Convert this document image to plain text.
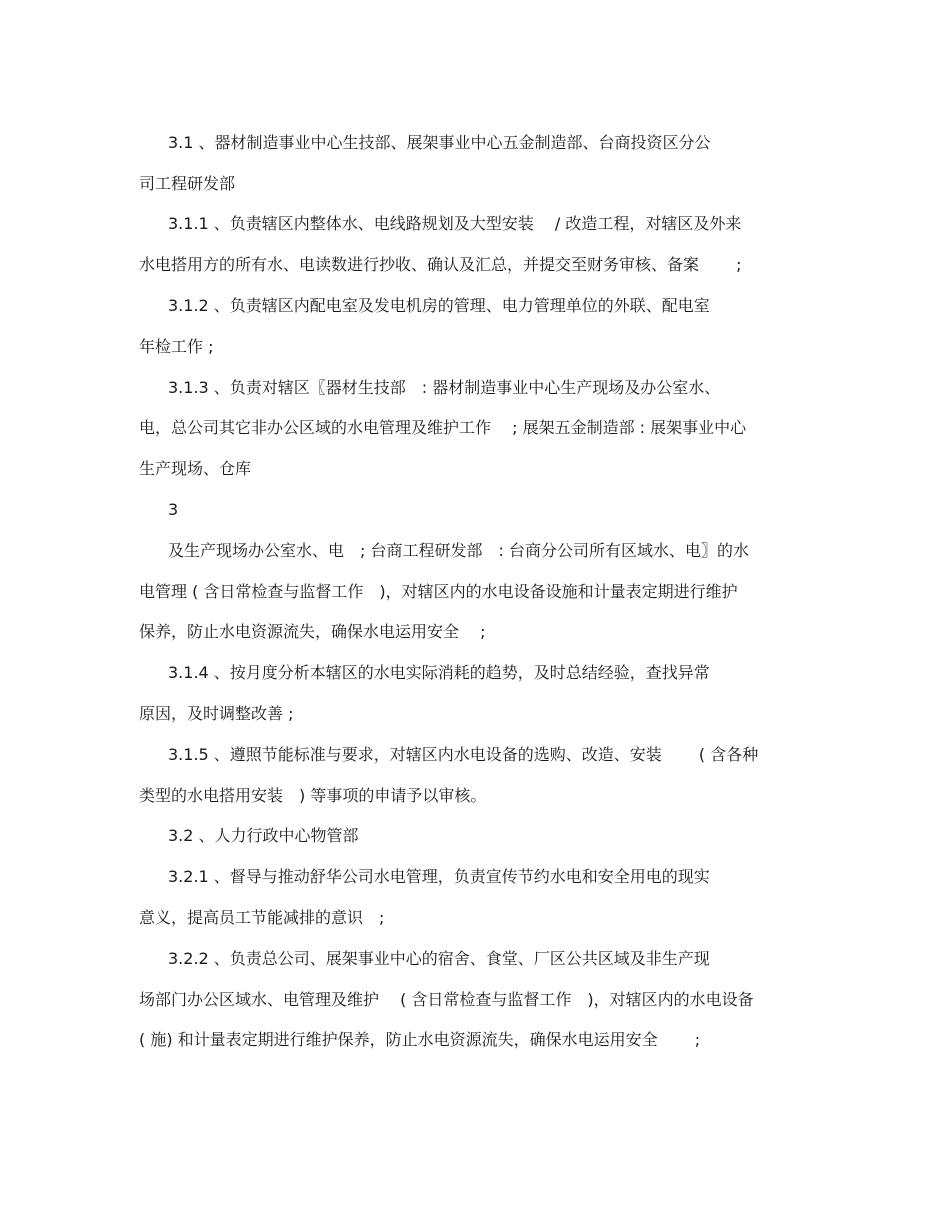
3.1 、器材制造事业中心生技部、展架事业中心五金制造部、台商投资区分公
司工程研发部
3.1.1 、负责辖区内整体水、电线路规划及大型安装　 / 改造工程，对辖区及外来
水电搭用方的所有水、电读数进行抄收、确认及汇总，并提交至财务审核、备案　　 ;
3.1.2 、负责辖区内配电室及发电机房的管理、电力管理单位的外联、配电室
年检工作 ;
3.1.3 、负责对辖区〖器材生技部　: 器材制造事业中心生产现场及办公室水、
电，总公司其它非办公区域的水电管理及维护工作　 ; 展架五金制造部 : 展架事业中心
生产现场、仓库
3
及生产现场办公室水、电　; 台商工程研发部　: 台商分公司所有区域水、电〗的水
电管理 ( 含日常检查与监督工作　)，对辖区内的水电设备设施和计量表定期进行维护
保养，防止水电资源流失，确保水电运用安全　 ;
3.1.4 、按月度分析本辖区的水电实际消耗的趋势，及时总结经验，查找异常
原因，及时调整改善 ;
3.1.5 、遵照节能标准与要求，对辖区内水电设备的选购、改造、安装　　 ( 含各种
类型的水电搭用安装　) 等事项的申请予以审核。
3.2 、人力行政中心物管部
3.2.1 、督导与推动舒华公司水电管理，负责宣传节约水电和安全用电的现实
意义，提高员工节能减排的意识　;
3.2.2 、负责总公司、展架事业中心的宿舍、食堂、厂区公共区域及非生产现
场部门办公区域水、电管理及维护　 ( 含日常检查与监督工作　)，对辖区内的水电设备
( 施) 和计量表定期进行维护保养，防止水电资源流失，确保水电运用安全　　 ;
